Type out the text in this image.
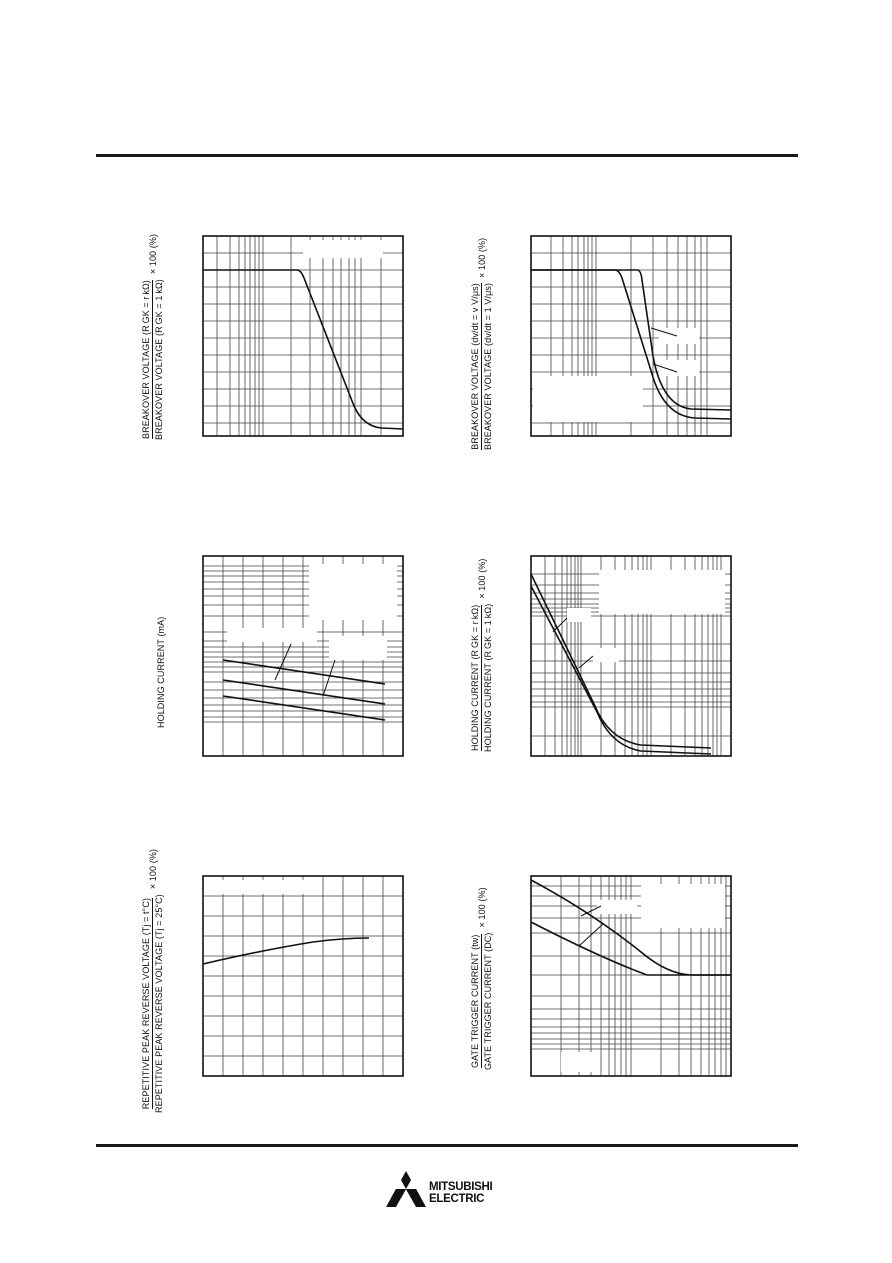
BREAKOVER VOLTAGE (R GK = r kΩ) BREAKOVER VOLTAGE (R GK = 1 kΩ)
× 100 (%)
BREAKOVER VOLTAGE (dv/dt = v V/μs) BREAKOVER VOLTAGE (dv/dt = 1 V/μs)
× 100 (%)
HOLDING CURRENT (mA)	HOLDING CURRENT (R GK = r kΩ) HOLDING CURRENT (R GK = 1 kΩ)
× 100 (%)
REPETITIVE PEAK REVERSE VOLTAGE (Tj = t°C) REPETITIVE PEAK REVERSE VOLTAGE (Tj = 25°C)
× 100 (%)
GATE TRIGGER CURRENT (tw) GATE TRIGGER CURRENT (DC)
× 100 (%)
MITSUBISHI
ELECTRIC
